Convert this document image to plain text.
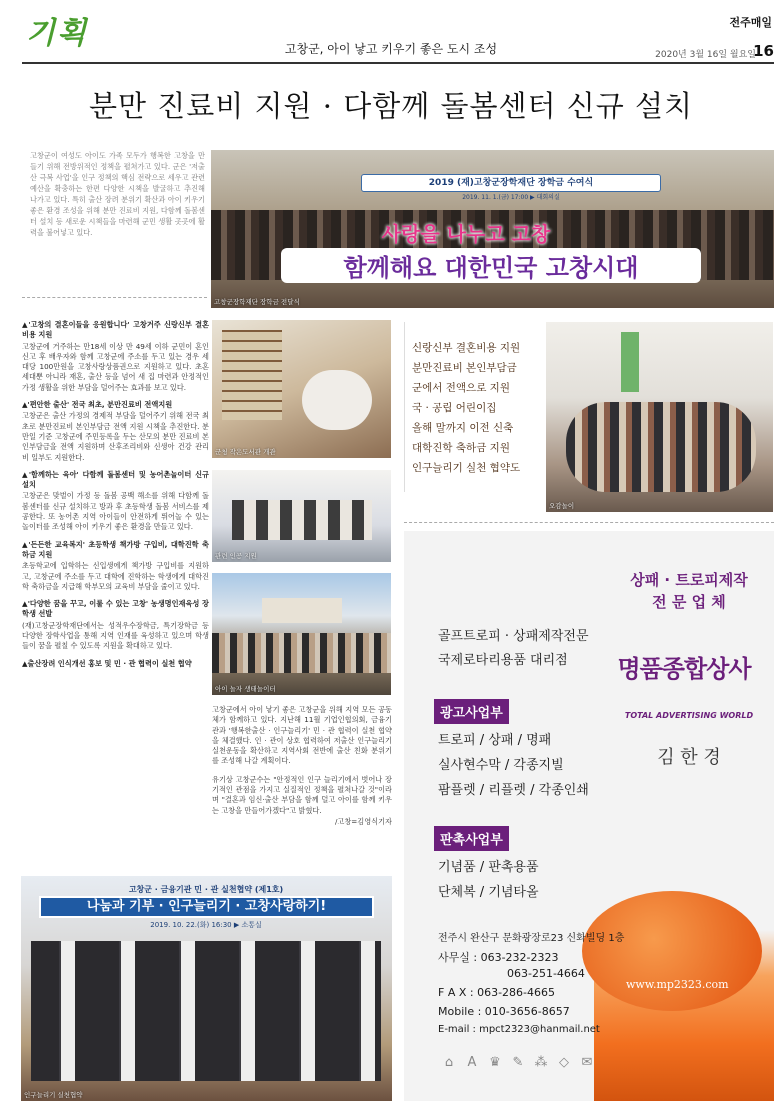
기획	고창군, 아이 낳고 키우기 좋은 도시 조성
전주매일
2020년 3월 16일 월요일
16
분만 진료비 지원 · 다함께 돌봄센터 신규 설치
고창군이 여성도 아이도 가족 모두가 행복한 고창을 만들기 위해 전방위적인 정책을 펼쳐가고 있다. 군은 '저출산 극복 사업'을 인구 정책의 핵심 전략으로 세우고 관련 예산을 확충하는 한편 다양한 시책을 발굴하고 추진해 나가고 있다. 특히 출산 장려 분위기 확산과 아이 키우기 좋은 환경 조성을 위해 분만 진료비 지원, 다함께 돌봄센터 설치 등 새로운 시책들을 마련해 군민 생활 곳곳에 활력을 불어넣고 있다.
2019 (재)고창군장학재단 장학금 수여식
2019. 11. 1.(금) 17:00 ▶ 대회의실
사랑을 나누고 고창
함께해요 대한민국 고창시대
고창군장학재단 장학금 전달식

▲'고창의 결혼이들을 응원합니다' 고창거주 신랑신부 결혼비용 지원

고창군에 거주하는 만18세 이상 만 49세 이하 군민이 혼인신고 후 배우자와 함께 고창군에 주소를 두고 있는 경우 세대당 100만원을 고창사랑상품권으로 지원하고 있다. 초혼 세대뿐 아니라 재혼, 출산 등을 넘어 새 집 마련과 안정적인 가정 생활을 위한 부담을 덜어주는 효과를 보고 있다.

▲'편안한 출산' 전국 최초, 분만진료비 전액지원

고창군은 출산 가정의 경제적 부담을 덜어주기 위해 전국 최초로 분만진료비 본인부담금 전액 지원 시책을 추진한다. 분만일 기준 고창군에 주민등록을 두는 산모의 분만 진료비 본인부담금을 전액 지원하며 산후조리비와 신생아 건강 관리비 일부도 지원한다.

▲'함께하는 육아' 다함께 돌봄센터 및 농어촌놀이터 신규 설치

고창군은 맞벌이 가정 등 돌봄 공백 해소를 위해 다함께 돌봄센터를 신규 설치하고 방과 후 초등학생 돌봄 서비스를 제공한다. 또 농어촌 지역 아이들이 안전하게 뛰어놀 수 있는 놀이터를 조성해 아이 키우기 좋은 환경을 만들고 있다.

▲'든든한 교육복지' 초등학생 책가방 구입비, 대학진학 축하금 지원

초등학교에 입학하는 신입생에게 책가방 구입비를 지원하고, 고창군에 주소를 두고 대학에 진학하는 학생에게 대학진학 축하금을 지급해 학부모의 교육비 부담을 줄이고 있다.

▲'다양한 꿈을 꾸고, 이룰 수 있는 고창' 농생명인재육성 장학생 선발

(재)고창군장학재단에서는 성적우수장학금, 특기장학금 등 다양한 장학사업을 통해 지역 인재를 육성하고 있으며 학생들이 꿈을 펼칠 수 있도록 지원을 확대하고 있다.

▲출산장려 인식개선 홍보 및 민 · 관 협력이 실천 협약

군청 작은도서관 개관
관련 인공 지원
아이 놀자 생태놀이터

고창군에서 아이 낳기 좋은 고창군을 위해 지역 모든 공동체가 함께하고 있다. 지난해 11월 기업인협의회, 금융기관과 '행복한출산 · 인구늘리기' 민 · 관 협력이 실천 협약을 체결했다. 인 · 관이 상호 협력하여 저출산 인구늘리기 실천운동을 확산하고 지역사회 전반에 출산 친화 분위기를 조성해 나갈 계획이다.

유기상 고창군수는 "안정적인 인구 늘리기에서 벗어나 장기적인 관점을 가지고 실질적인 정책을 펼쳐나갈 것"이라며 "결혼과 임신·출산 부담을 함께 덜고 아이를 함께 키우는 고창을 만들어가겠다"고 밝혔다.

/고창=김영식기자

고창군 · 금융기관 민 · 관 실천협약 (제1호)
나눔과 기부 · 인구늘리기 · 고창사랑하기!
2019. 10. 22.(화) 16:30 ▶ 소통실
인구늘리기 실천협약
신랑신부 결혼비용 지원
분만진료비 본인부담금
군에서 전액으로 지원
국 · 공립 어린이집
올해 말까지 이전 신축
대학진학 축하금 지원
인구늘리기 실천 협약도
오감놀이
상패 · 트로피제작
전 문 업 체
명품종합상사
TOTAL ADVERTISING WORLD
김 한 경
골프트로피 · 상패제작전문
국제로타리용품 대리점
광고사업부
트로피 / 상패 / 명패
실사현수막 / 각종지빌
팜플렛 / 리플렛 / 각종인쇄
판촉사업부
기념품 / 판촉용품
단체복 / 기념타올
전주시 완산구 문화광장로23 신화빌딩 1층
사무실 : 063-232-2323
063-251-4664
F A X : 063-286-4665
Mobile : 010-3656-8657
E-mail : mpct2323@hanmail.net
www.mp2323.com
⌂ A ♛ ✎ ⁂ ◇ ✉
